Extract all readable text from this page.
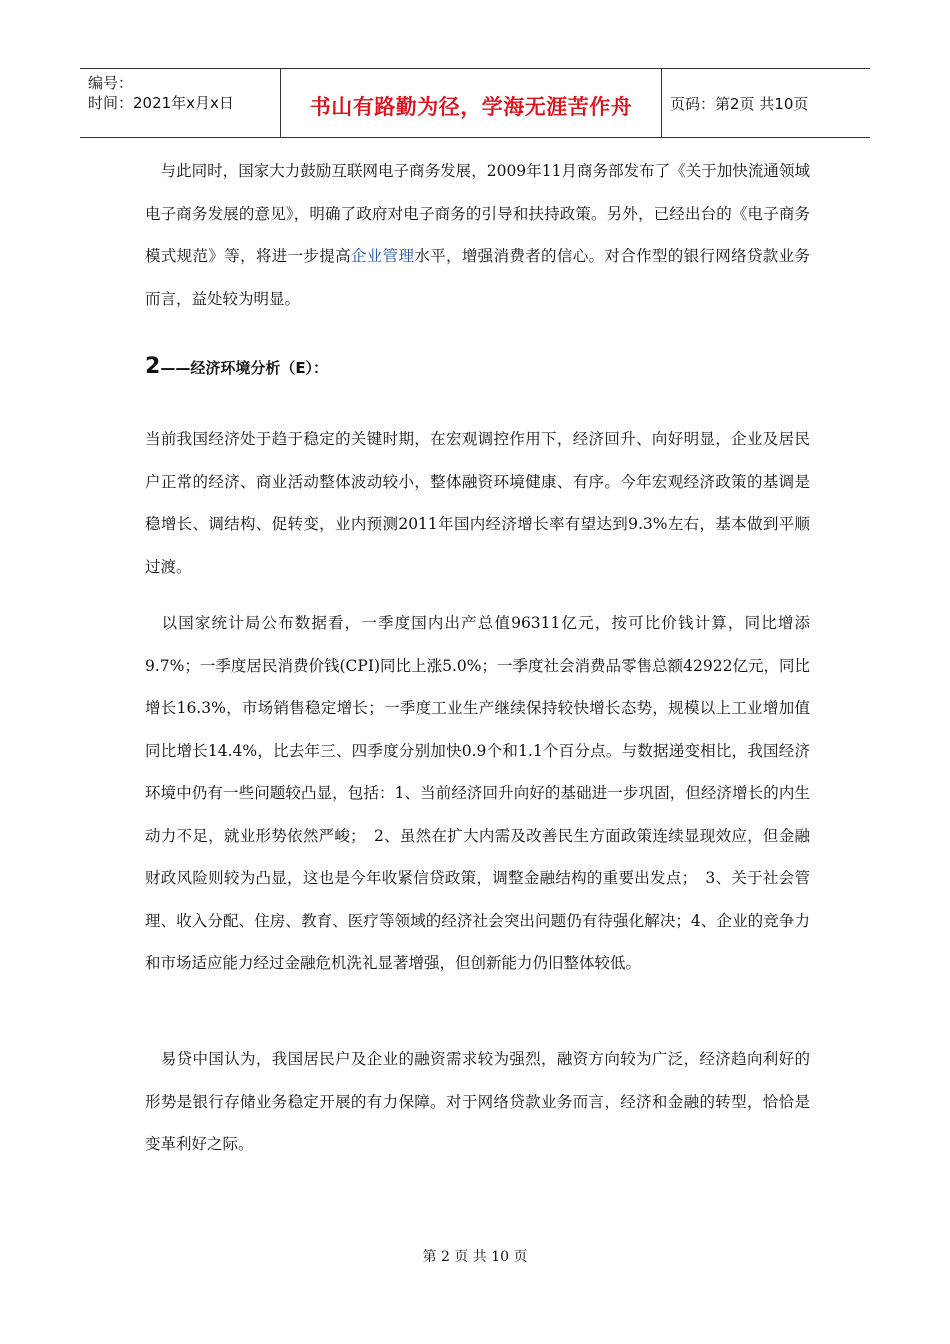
编号：
时间：2021年x月x日	书山有路勤为径，学海无涯苦作舟	页码：第2页 共10页
　与此同时，国家大力鼓励互联网电子商务发展，2009年11月商务部发布了《关于加快流通领域电子商务发展的意见》，明确了政府对电子商务的引导和扶持政策。另外，已经出台的《电子商务模式规范》等，将进一步提高企业管理水平，增强消费者的信心。对合作型的银行网络贷款业务而言，益处较为明显。
2——经济环境分析（E）：
当前我国经济处于趋于稳定的关键时期，在宏观调控作用下，经济回升、向好明显，企业及居民户正常的经济、商业活动整体波动较小，整体融资环境健康、有序。今年宏观经济政策的基调是稳增长、调结构、促转变，业内预测2011年国内经济增长率有望达到9.3%左右，基本做到平顺过渡。
　以国家统计局公布数据看，一季度国内出产总值96311亿元，按可比价钱计算，同比增添9.7%；一季度居民消费价钱(CPI)同比上涨5.0%；一季度社会消费品零售总额42922亿元，同比增长16.3%，市场销售稳定增长；一季度工业生产继续保持较快增长态势，规模以上工业增加值同比增长14.4%，比去年三、四季度分别加快0.9个和1.1个百分点。与数据递变相比，我国经济环境中仍有一些问题较凸显，包括：1、当前经济回升向好的基础进一步巩固，但经济增长的内生动力不足，就业形势依然严峻；　2、虽然在扩大内需及改善民生方面政策连续显现效应，但金融财政风险则较为凸显，这也是今年收紧信贷政策，调整金融结构的重要出发点；　3、关于社会管理、收入分配、住房、教育、医疗等领域的经济社会突出问题仍有待强化解决；4、企业的竞争力和市场适应能力经过金融危机洗礼显著增强，但创新能力仍旧整体较低。
　易贷中国认为，我国居民户及企业的融资需求较为强烈，融资方向较为广泛，经济趋向利好的形势是银行存储业务稳定开展的有力保障。对于网络贷款业务而言，经济和金融的转型，恰恰是变革利好之际。
第 2 页 共 10 页
